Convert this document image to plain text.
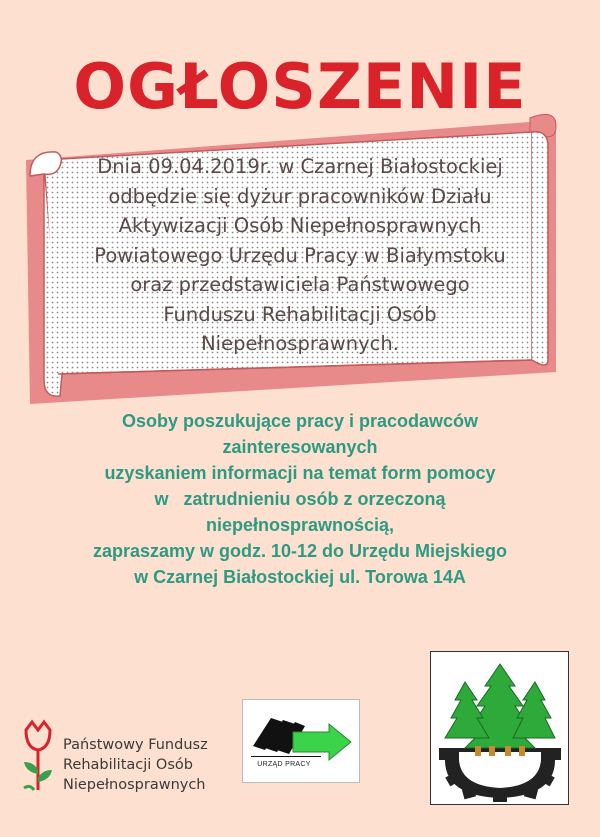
OGŁOSZENIE
Dnia 09.04.2019r. w Czarnej Białostockiej
odbędzie się dyżur pracowników Działu
Aktywizacji Osób Niepełnosprawnych
Powiatowego Urzędu Pracy w Białymstoku
oraz przedstawiciela Państwowego
Funduszu Rehabilitacji Osób
Niepełnosprawnych.
Osoby poszukujące pracy i pracodawców
zainteresowanych
uzyskaniem informacji na temat form pomocy
w   zatrudnieniu osób z orzeczoną
niepełnosprawnością,
zapraszamy w godz. 10-12 do Urzędu Miejskiego
w Czarnej Białostockiej ul. Torowa 14A
Państwowy Fundusz
Rehabilitacji Osób
Niepełnosprawnych
URZĄD PRACY
